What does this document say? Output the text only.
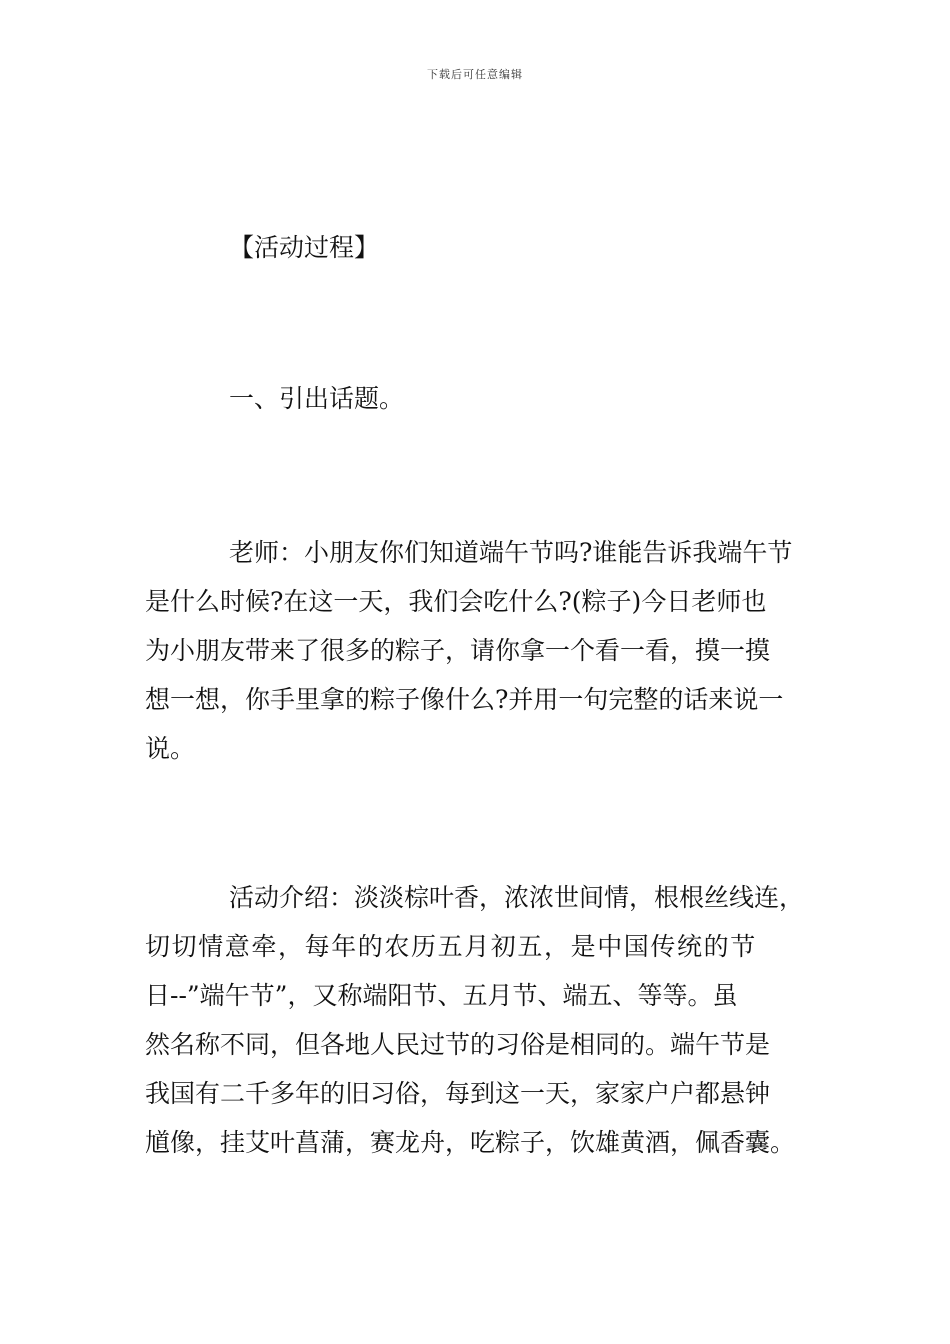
下载后可任意编辑
【活动过程】
一、引出话题。
老师：小朋友你们知道端午节吗?谁能告诉我端午节
是什么时候?在这一天，我们会吃什么?(粽子)今日老师也
为小朋友带来了很多的粽子，请你拿一个看一看，摸一摸
想一想，你手里拿的粽子像什么?并用一句完整的话来说一
说。
活动介绍：淡淡棕叶香，浓浓世间情，根根丝线连，
切切情意牵，每年的农历五月初五，是中国传统的节
日--”端午节”，又称端阳节、五月节、端五、等等。虽
然名称不同，但各地人民过节的习俗是相同的。端午节是
我国有二千多年的旧习俗，每到这一天，家家户户都悬钟
馗像，挂艾叶菖蒲，赛龙舟，吃粽子，饮雄黄酒，佩香囊。
